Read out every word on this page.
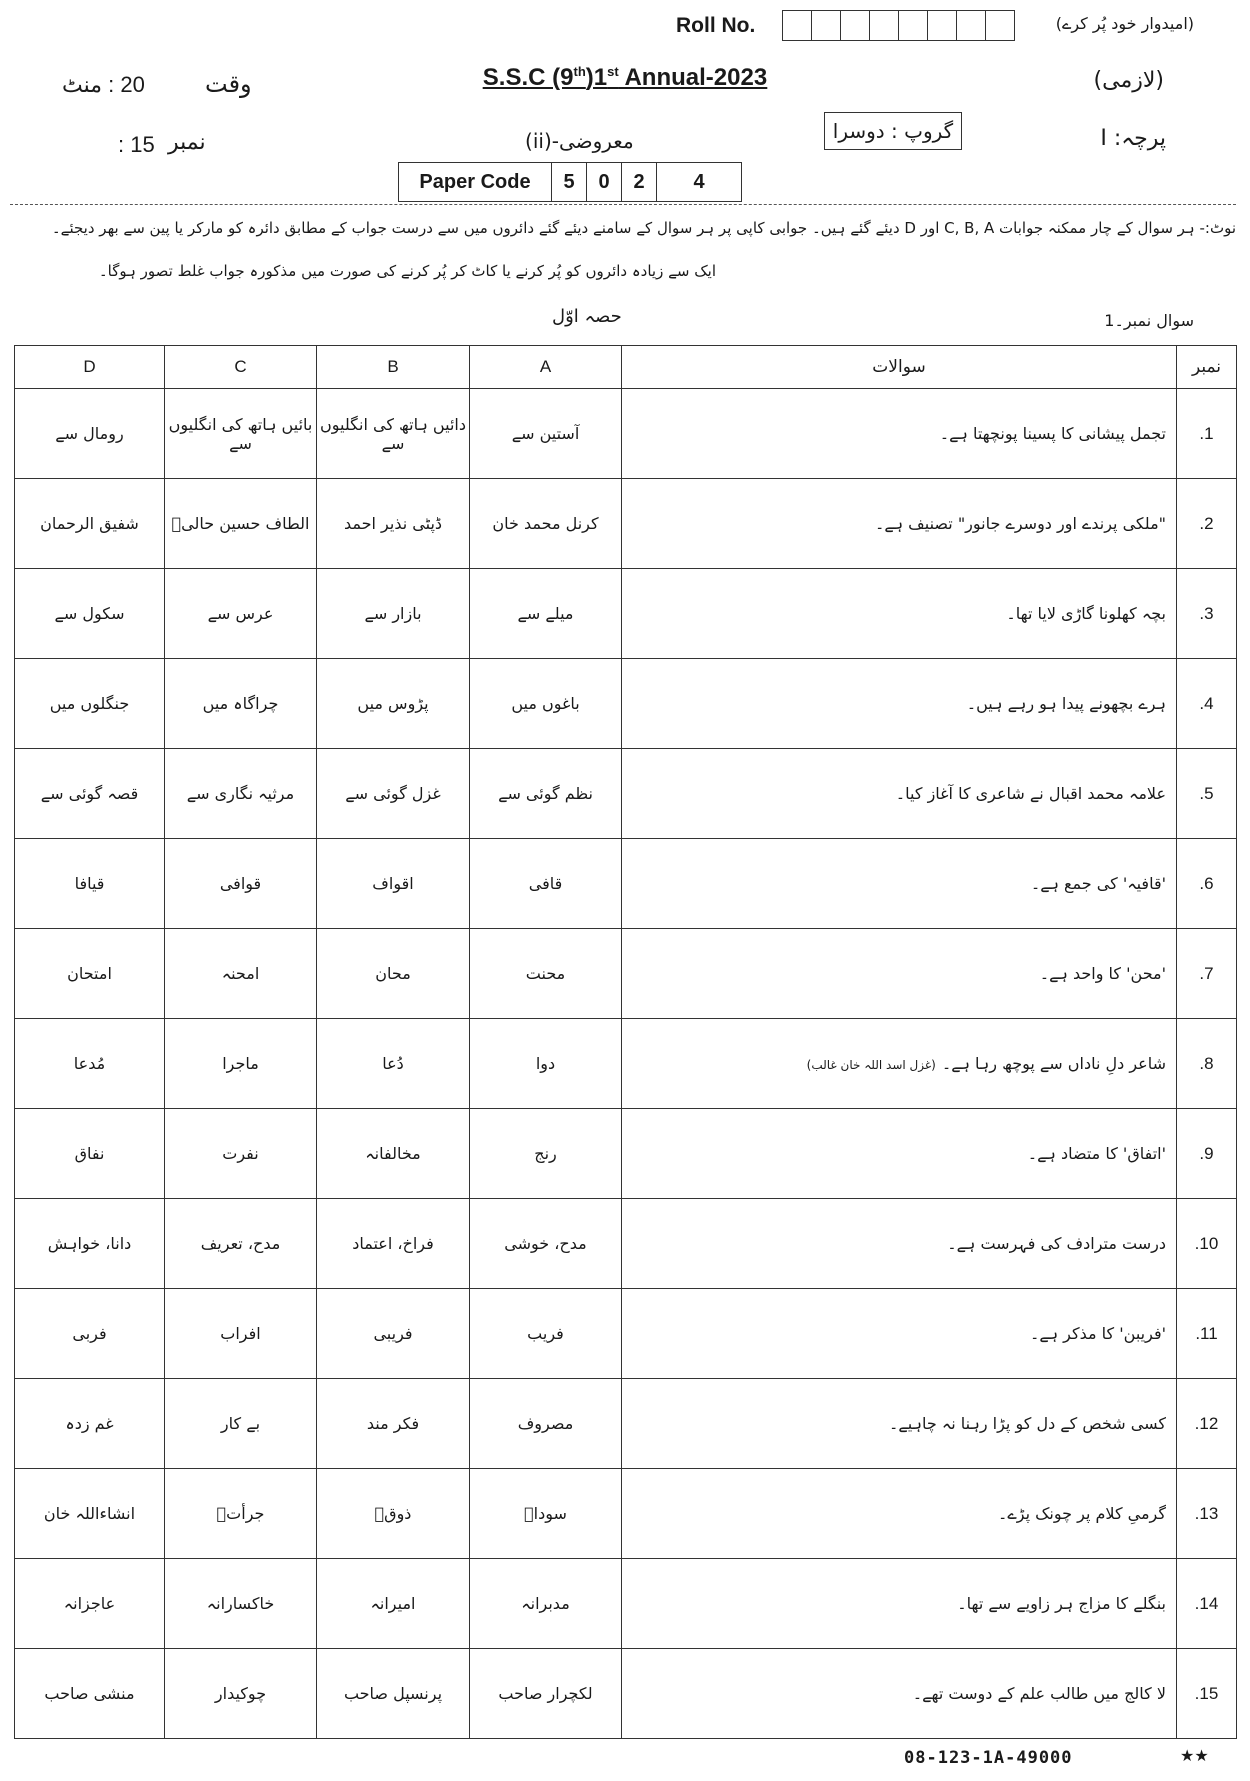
Roll No.	(امیدوار خود پُر کرے)
20 : منٹ	وقت	S.S.C (9th)1st Annual-2023	(لازمی)
15 : نمبر	معروضی-(ii)	گروپ : دوسرا	پرچہ: I
Paper Code	5	0	2	4
نوٹ:- ہر سوال کے چار ممکنہ جوابات C, B, A اور D دیئے گئے ہیں۔ جوابی کاپی پر ہر سوال کے سامنے دیئے گئے دائروں میں سے درست جواب کے مطابق دائرہ کو مارکر یا پین سے بھر دیجئے۔
ایک سے زیادہ دائروں کو پُر کرنے یا کاٹ کر پُر کرنے کی صورت میں مذکورہ جواب غلط تصور ہوگا۔
سوال نمبر۔1
حصہ اوّل
D	C	B	A	سوالات	نمبر
رومال سے	بائیں ہاتھ کی انگلیوں سے	دائیں ہاتھ کی انگلیوں سے	آستین سے	تجمل پیشانی کا پسینا پونچھتا ہے۔	.1
شفیق الرحمان	الطاف حسین حالیؔ	ڈپٹی نذیر احمد	کرنل محمد خان	"ملکی پرندے اور دوسرے جانور" تصنیف ہے۔	.2
سکول سے	عرس سے	بازار سے	میلے سے	بچہ کھلونا گاڑی لایا تھا۔	.3
جنگلوں میں	چراگاہ میں	پڑوس میں	باغوں میں	ہرے بچھونے پیدا ہو رہے ہیں۔	.4
قصہ گوئی سے	مرثیہ نگاری سے	غزل گوئی سے	نظم گوئی سے	علامہ محمد اقبال نے شاعری کا آغاز کیا۔	.5
قیافا	قوافی	اقواف	قافی	'قافیہ' کی جمع ہے۔	.6
امتحان	امحنہ	محان	محنت	'محن' کا واحد ہے۔	.7
مُدعا	ماجرا	دُعا	دوا	شاعر دلِ ناداں سے پوچھ رہا ہے۔(غزل اسد اللہ خان غالب)	.8
نفاق	نفرت	مخالفانہ	رنج	'اتفاق' کا متضاد ہے۔	.9
دانا، خواہش	مدح، تعریف	فراخ، اعتماد	مدح، خوشی	درست مترادف کی فہرست ہے۔	.10
فربی	افراب	فریبی	فریب	'فریبن' کا مذکر ہے۔	.11
غم زدہ	بے کار	فکر مند	مصروف	کسی شخص کے دل کو پڑا رہنا نہ چاہیے۔	.12
انشاءاللہ خان	جرأتؔ	ذوقؔ	سوداؔ	گرمیِ کلام پر چونک پڑے۔	.13
عاجزانہ	خاکسارانہ	امیرانہ	مدبرانہ	بنگلے کا مزاج ہر زاویے سے تھا۔	.14
منشی صاحب	چوکیدار	پرنسپل صاحب	لکچرار صاحب	لا کالج میں طالب علم کے دوست تھے۔	.15
08-123-1A-49000	★★
